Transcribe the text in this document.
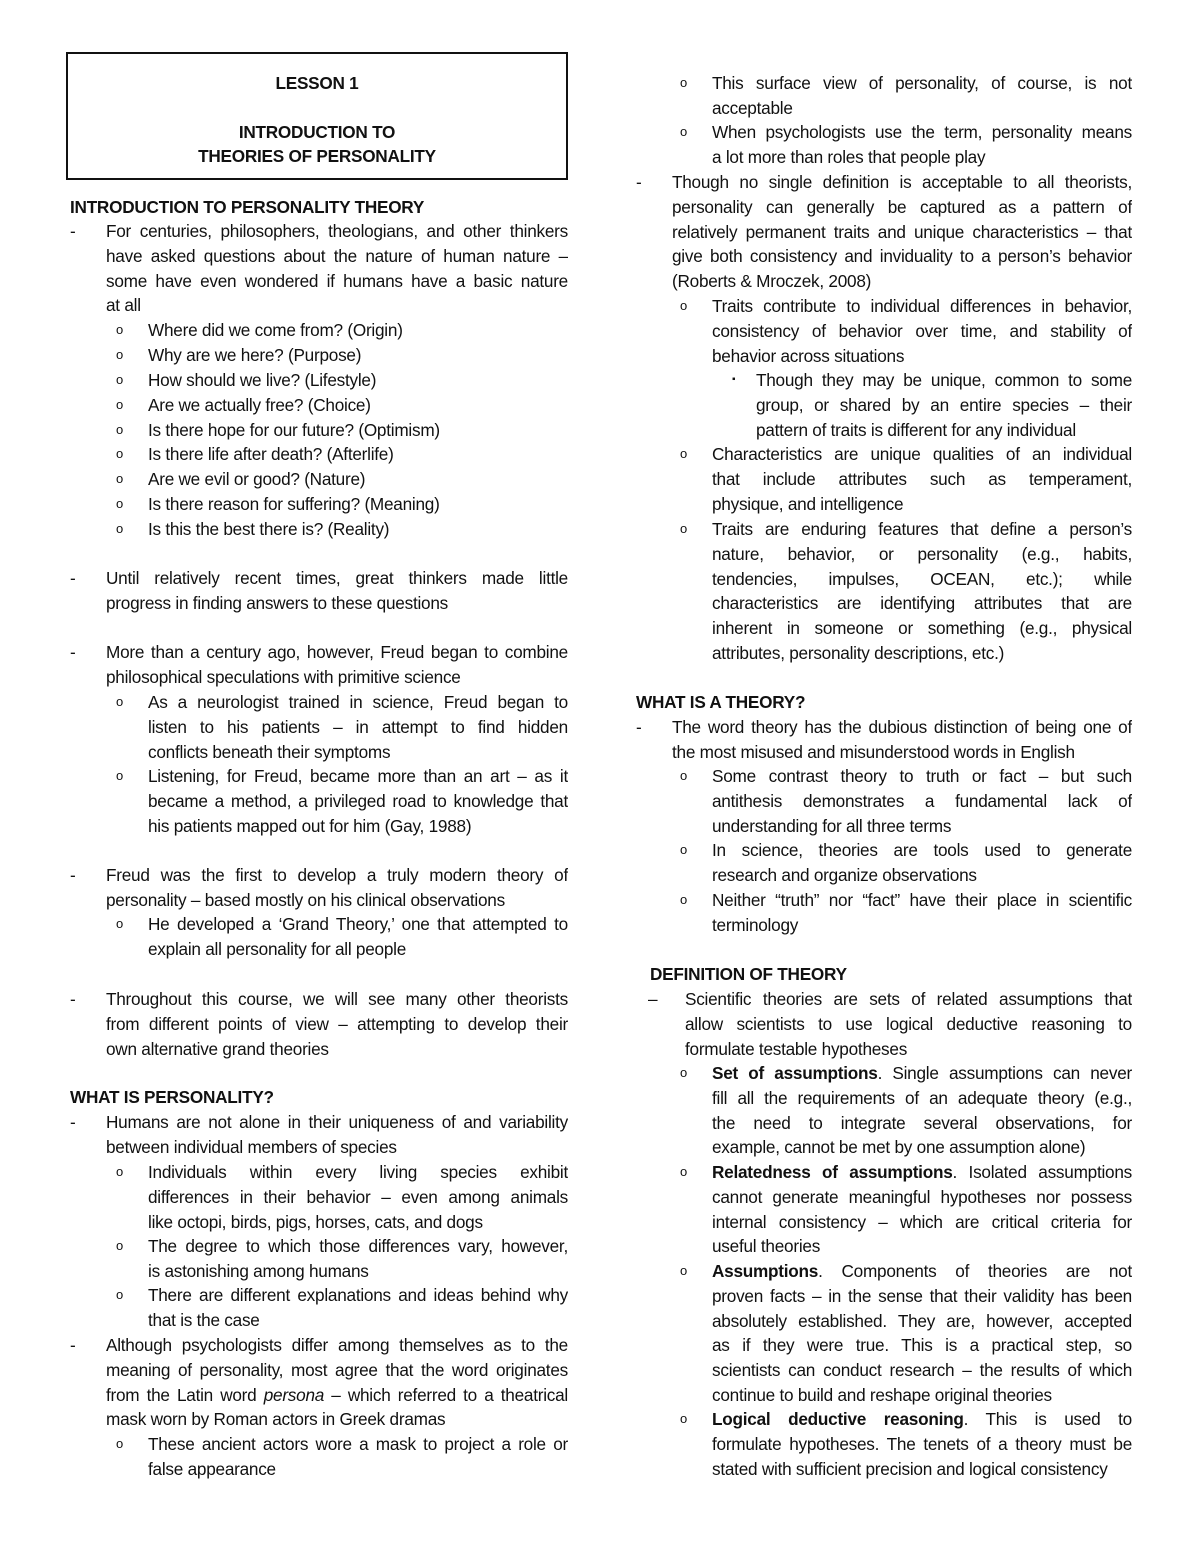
LESSON 1
INTRODUCTION TO
THEORIES OF PERSONALITY
INTRODUCTION TO PERSONALITY THEORY
- For centuries, philosophers, theologians, and other thinkers
have asked questions about the nature of human nature –
some have even wondered if humans have a basic nature
at all
o Where did we come from? (Origin)
o Why are we here? (Purpose)
o How should we live? (Lifestyle)
o Are we actually free? (Choice)
o Is there hope for our future? (Optimism)
o Is there life after death? (Afterlife)
o Are we evil or good? (Nature)
o Is there reason for suffering? (Meaning)
o Is this the best there is? (Reality)
- Until relatively recent times, great thinkers made little
progress in finding answers to these questions
- More than a century ago, however, Freud began to combine
philosophical speculations with primitive science
o As a neurologist trained in science, Freud began to
listen to his patients – in attempt to find hidden
conflicts beneath their symptoms
o Listening, for Freud, became more than an art – as it
became a method, a privileged road to knowledge that
his patients mapped out for him (Gay, 1988)
- Freud was the first to develop a truly modern theory of
personality – based mostly on his clinical observations
o He developed a ‘Grand Theory,’ one that attempted to
explain all personality for all people
- Throughout this course, we will see many other theorists
from different points of view – attempting to develop their
own alternative grand theories
WHAT IS PERSONALITY?
- Humans are not alone in their uniqueness of and variability
between individual members of species
o Individuals within every living species exhibit
differences in their behavior – even among animals
like octopi, birds, pigs, horses, cats, and dogs
o The degree to which those differences vary, however,
is astonishing among humans
o There are different explanations and ideas behind why
that is the case
- Although psychologists differ among themselves as to the
meaning of personality, most agree that the word originates
from the Latin word persona – which referred to a theatrical
mask worn by Roman actors in Greek dramas
o These ancient actors wore a mask to project a role or
false appearance
o This surface view of personality, of course, is not
acceptable
o When psychologists use the term, personality means
a lot more than roles that people play
- Though no single definition is acceptable to all theorists,
personality can generally be captured as a pattern of
relatively permanent traits and unique characteristics – that
give both consistency and inviduality to a person’s behavior
(Roberts & Mroczek, 2008)
o Traits contribute to individual differences in behavior,
consistency of behavior over time, and stability of
behavior across situations
▪ Though they may be unique, common to some
group, or shared by an entire species – their
pattern of traits is different for any individual
o Characteristics are unique qualities of an individual
that include attributes such as temperament,
physique, and intelligence
o Traits are enduring features that define a person’s
nature, behavior, or personality (e.g., habits,
tendencies, impulses, OCEAN, etc.); while
characteristics are identifying attributes that are
inherent in someone or something (e.g., physical
attributes, personality descriptions, etc.)
WHAT IS A THEORY?
- The word theory has the dubious distinction of being one of
the most misused and misunderstood words in English
o Some contrast theory to truth or fact – but such
antithesis demonstrates a fundamental lack of
understanding for all three terms
o In science, theories are tools used to generate
research and organize observations
o Neither “truth” nor “fact” have their place in scientific
terminology
DEFINITION OF THEORY
– Scientific theories are sets of related assumptions that
allow scientists to use logical deductive reasoning to
formulate testable hypotheses
o Set of assumptions. Single assumptions can never
fill all the requirements of an adequate theory (e.g.,
the need to integrate several observations, for
example, cannot be met by one assumption alone)
o Relatedness of assumptions. Isolated assumptions
cannot generate meaningful hypotheses nor possess
internal consistency – which are critical criteria for
useful theories
o Assumptions. Components of theories are not
proven facts – in the sense that their validity has been
absolutely established. They are, however, accepted
as if they were true. This is a practical step, so
scientists can conduct research – the results of which
continue to build and reshape original theories
o Logical deductive reasoning. This is used to
formulate hypotheses. The tenets of a theory must be
stated with sufficient precision and logical consistency
